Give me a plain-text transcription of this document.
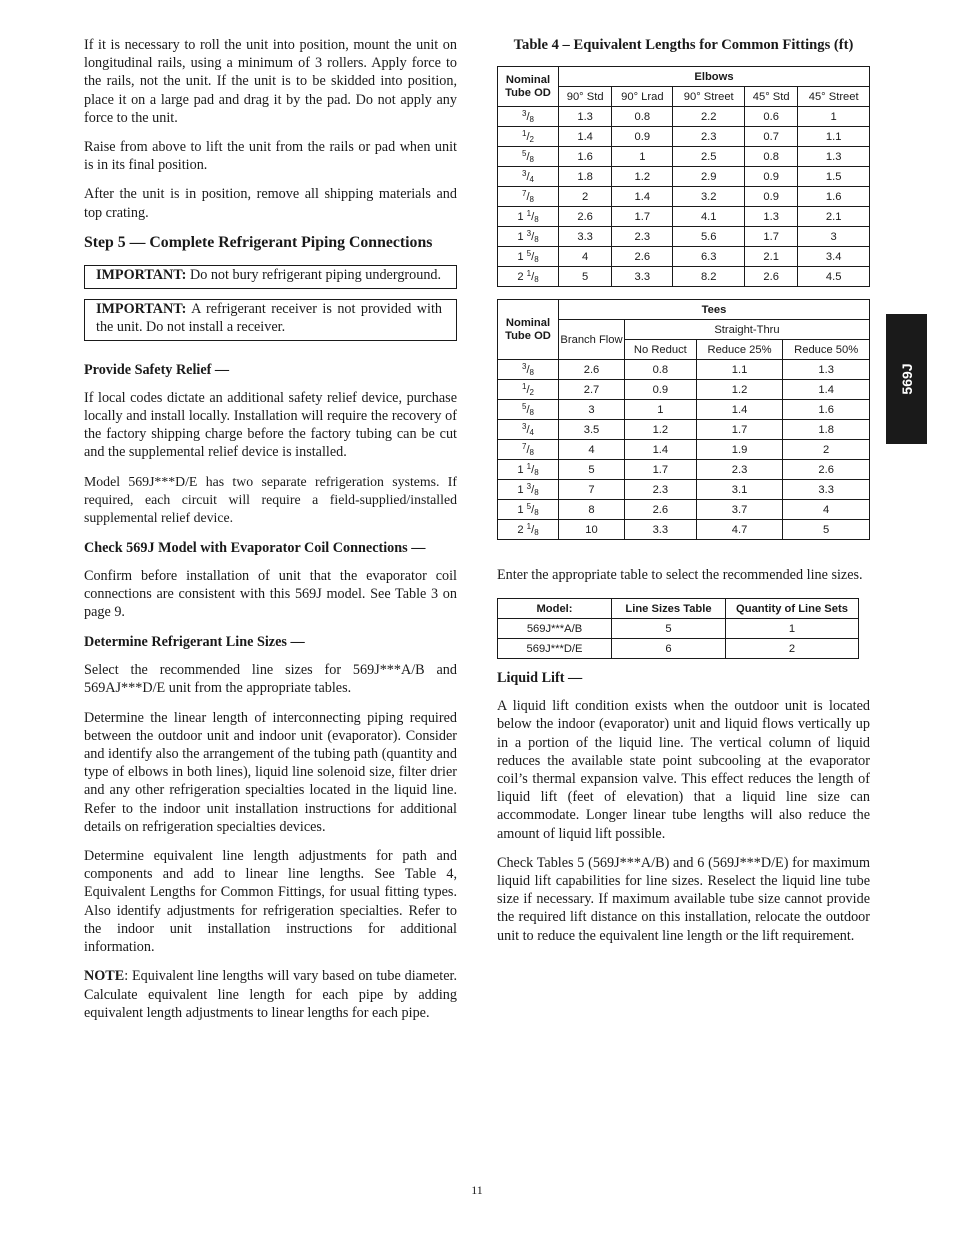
If it is necessary to roll the unit into position, mount the unit on longitudinal rails, using a minimum of 3 rollers. Apply force to the rails, not the unit. If the unit is to be skidded into position, place it on a large pad and drag it by the pad. Do not apply any force to the unit.

Raise from above to lift the unit from the rails or pad when unit is in its final position.

After the unit is in position, remove all shipping materials and top crating.

Step 5 — Complete Refrigerant Piping Connections
IMPORTANT: Do not bury refrigerant piping underground.
IMPORTANT: A refrigerant receiver is not provided with the unit. Do not install a receiver.
Provide Safety Relief —

If local codes dictate an additional safety relief device, purchase locally and install locally. Installation will require the recovery of the factory shipping charge before the factory tubing can be cut and the supplemental relief device is installed.

Model 569J***D/E has two separate refrigeration systems. If required, each circuit will require a field-supplied/installed supplemental relief device.

Check 569J Model with Evaporator Coil Connections —

Confirm before installation of unit that the evaporator coil connections are consistent with this 569J model. See Table 3 on page 9.

Determine Refrigerant Line Sizes —

Select the recommended line sizes for 569J***A/B and 569AJ***D/E unit from the appropriate tables.

Determine the linear length of interconnecting piping required between the outdoor unit and indoor unit (evaporator). Consider and identify also the arrangement of the tubing path (quantity and type of elbows in both lines), liquid line solenoid size, filter drier and any other refrigeration specialties located in the liquid line. Refer to the indoor unit installation instructions for additional details on refrigeration specialties devices.

Determine equivalent line length adjustments for path and components and add to linear line lengths. See Table 4, Equivalent Lengths for Common Fittings, for usual fitting types. Also identify adjustments for refrigeration specialties. Refer to the indoor unit installation instructions for additional information.

NOTE: Equivalent line lengths will vary based on tube diameter. Calculate equivalent line length for each pipe by adding equivalent length adjustments to linear lengths for each pipe.

Table 4 – Equivalent Lengths for Common Fittings (ft)
Nominal Tube OD	Elbows				
	90° Std	90° Lrad	90° Street	45° Std	45° Street
$^3/_8$	1.3	0.8	2.2	0.6	1
$^1/_2$	1.4	0.9	2.3	0.7	1.1
$^5/_8$	1.6	1	2.5	0.8	1.3
$^3/_4$	1.8	1.2	2.9	0.9	1.5
$^7/_8$	2	1.4	3.2	0.9	1.6
1 $^1/_8$	2.6	1.7	4.1	1.3	2.1
1 $^3/_8$	3.3	2.3	5.6	1.7	3
1 $^5/_8$	4	2.6	6.3	2.1	3.4
2 $^1/_8$	5	3.3	8.2	2.6	4.5
Nominal Tube OD	Tees			
	Branch Flow	Straight-Thru		
		No Reduct	Reduce 25%	Reduce 50%
$^3/_8$	2.6	0.8	1.1	1.3
$^1/_2$	2.7	0.9	1.2	1.4
$^5/_8$	3	1	1.4	1.6
$^3/_4$	3.5	1.2	1.7	1.8
$^7/_8$	4	1.4	1.9	2
1 $^1/_8$	5	1.7	2.3	2.6
1 $^3/_8$	7	2.3	3.1	3.3
1 $^5/_8$	8	2.6	3.7	4
2 $^1/_8$	10	3.3	4.7	5

Enter the appropriate table to select the recommended line sizes.

Model:	Line Sizes Table	Quantity of Line Sets
569J***A/B	5	1
569J***D/E	6	2
Liquid Lift —

A liquid lift condition exists when the outdoor unit is located below the indoor (evaporator) unit and liquid flows vertically up in a portion of the liquid line. The vertical column of liquid reduces the available state point subcooling at the evaporator coil’s thermal expansion valve. This effect reduces the length of liquid lift (feet of elevation) that a liquid line size can accommodate. Longer linear tube lengths will also reduce the amount of liquid lift possible.

Check Tables 5 (569J***A/B) and 6 (569J***D/E) for maximum liquid lift capabilities for line sizes. Reselect the liquid line tube size if necessary. If maximum available tube size cannot provide the required lift distance on this installation, relocate the outdoor unit to reduce the equivalent line length or the lift requirement.

569J
11
